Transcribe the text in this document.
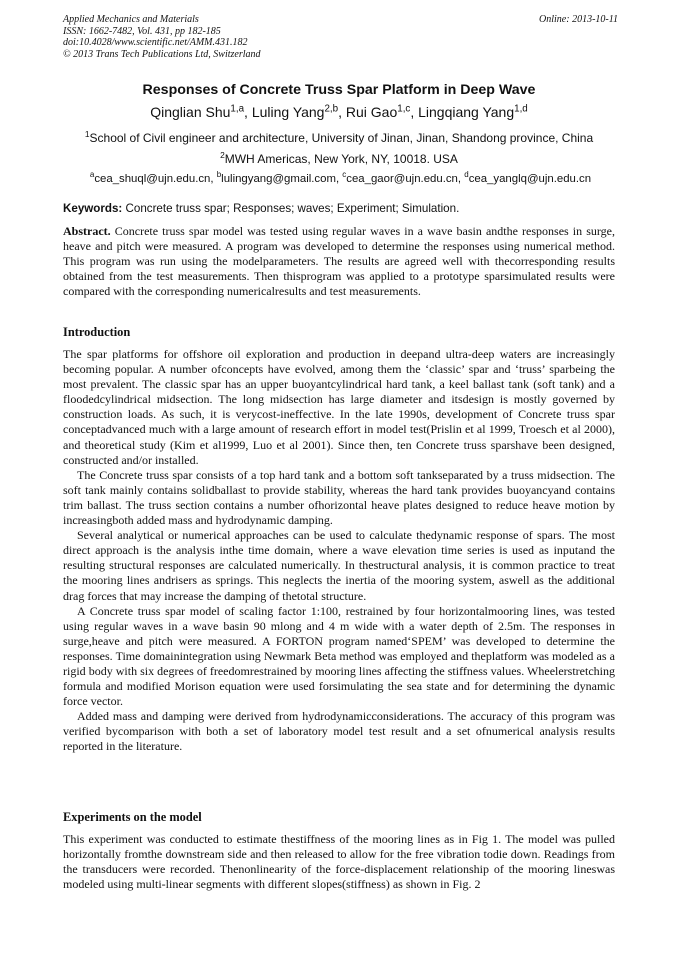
Applied Mechanics and Materials
ISSN: 1662-7482, Vol. 431, pp 182-185
doi:10.4028/www.scientific.net/AMM.431.182
© 2013 Trans Tech Publications Ltd, Switzerland
Online: 2013-10-11
Responses of Concrete Truss Spar Platform in Deep Wave
Qinglian Shu$^{1,a}$, Luling Yang$^{2,b}$, Rui Gao$^{1,c}$, Lingqiang Yang$^{1,d}$
$^1$School of Civil engineer and architecture, University of Jinan, Jinan, Shandong province, China
$^2$MWH Americas, New York, NY, 10018. USA
$^a$cea_shuql@ujn.edu.cn, $^b$lulingyang@gmail.com, $^c$cea_gaor@ujn.edu.cn, $^d$cea_yanglq@ujn.edu.cn
Keywords: Concrete truss spar; Responses; waves; Experiment; Simulation.

Abstract. Concrete truss spar model was tested using regular waves in a wave basin andthe responses in surge, heave and pitch were measured. A program was developed to determine the responses using numerical method. This program was run using the modelparameters. The results are agreed well with thecorresponding results obtained from the test measurements. Then thisprogram was applied to a prototype sparsimulated results were compared with the corresponding numericalresults and test measurements.

Introduction

The spar platforms for offshore oil exploration and production in deepand ultra-deep waters are increasingly becoming popular. A number ofconcepts have evolved, among them the ‘classic’ spar and ‘truss’ sparbeing the most prevalent. The classic spar has an upper buoyantcylindrical hard tank, a keel ballast tank (soft tank) and a floodedcylindrical midsection. The long midsection has large diameter and itsdesign is mostly governed by construction loads. As such, it is verycost-ineffective. In the late 1990s, development of Concrete truss spar conceptadvanced much with a large amount of research effort in model test(Prislin et al 1999, Troesch et al 2000), and theoretical study (Kim et al1999, Luo et al 2001). Since then, ten Concrete truss sparshave been designed, constructed and/or installed.

The Concrete truss spar consists of a top hard tank and a bottom soft tankseparated by a truss midsection. The soft tank mainly contains solidballast to provide stability, whereas the hard tank provides buoyancyand contains trim ballast. The truss section contains a number ofhorizontal heave plates designed to reduce heave motion by increasingboth added mass and hydrodynamic damping.

Several analytical or numerical approaches can be used to calculate thedynamic response of spars. The most direct approach is the analysis inthe time domain, where a wave elevation time series is used as inputand the resulting structural responses are calculated numerically. In thestructural analysis, it is common practice to treat the mooring lines andrisers as springs. This neglects the inertia of the mooring system, aswell as the additional drag forces that may increase the damping of thetotal structure.

A Concrete truss spar model of scaling factor 1:100, restrained by four horizontalmooring lines, was tested using regular waves in a wave basin 90 mlong and 4 m wide with a water depth of 2.5m. The responses in surge,heave and pitch were measured. A FORTON program named‘SPEM’ was developed to determine the responses. Time domainintegration using Newmark Beta method was employed and theplatform was modeled as a rigid body with six degrees of freedomrestrained by mooring lines affecting the stiffness values. Wheelerstretching formula and modified Morison equation were used forsimulating the sea state and for determining the dynamic force vector.

Added mass and damping were derived from hydrodynamicconsiderations. The accuracy of this program was verified bycomparison with both a set of laboratory model test result and a set ofnumerical analysis results reported in the literature.

Experiments on the model

This experiment was conducted to estimate thestiffness of the mooring lines as in Fig 1. The model was pulled horizontally fromthe downstream side and then released to allow for the free vibration todie down. Readings from the transducers were recorded. Thenonlinearity of the force-displacement relationship of the mooring lineswas modeled using multi-linear segments with different slopes(stiffness) as shown in Fig. 2
